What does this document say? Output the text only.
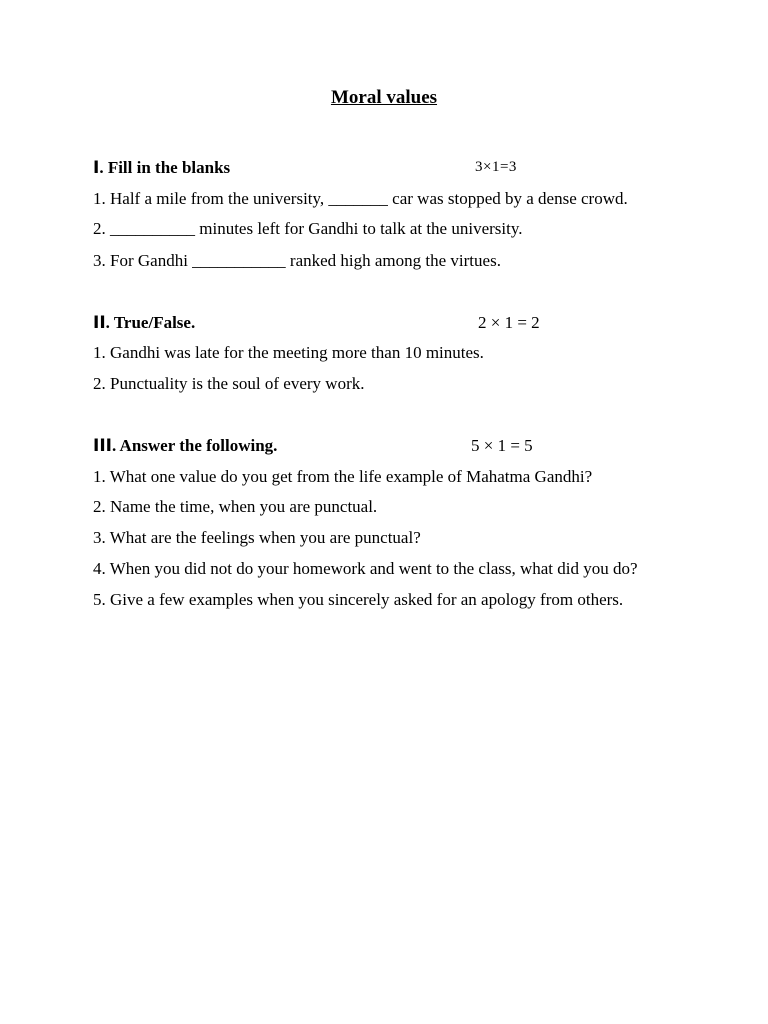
Moral values
I. Fill in the blanks	3×1=3
1. Half a mile from the university, _______ car was stopped by a dense crowd.
2. __________ minutes left for Gandhi to talk at the university.
3. For Gandhi ___________ ranked high among the virtues.
II. True/False.	2 × 1 = 2
1. Gandhi was late for the meeting more than 10 minutes.
2. Punctuality is the soul of every work.
III. Answer the following.	5 × 1 = 5
1. What one value do you get from the life example of Mahatma Gandhi?
2. Name the time, when you are punctual.
3. What are the feelings when you are punctual?
4. When you did not do your homework and went to the class, what did you do?
5. Give a few examples when you sincerely asked for an apology from others.
